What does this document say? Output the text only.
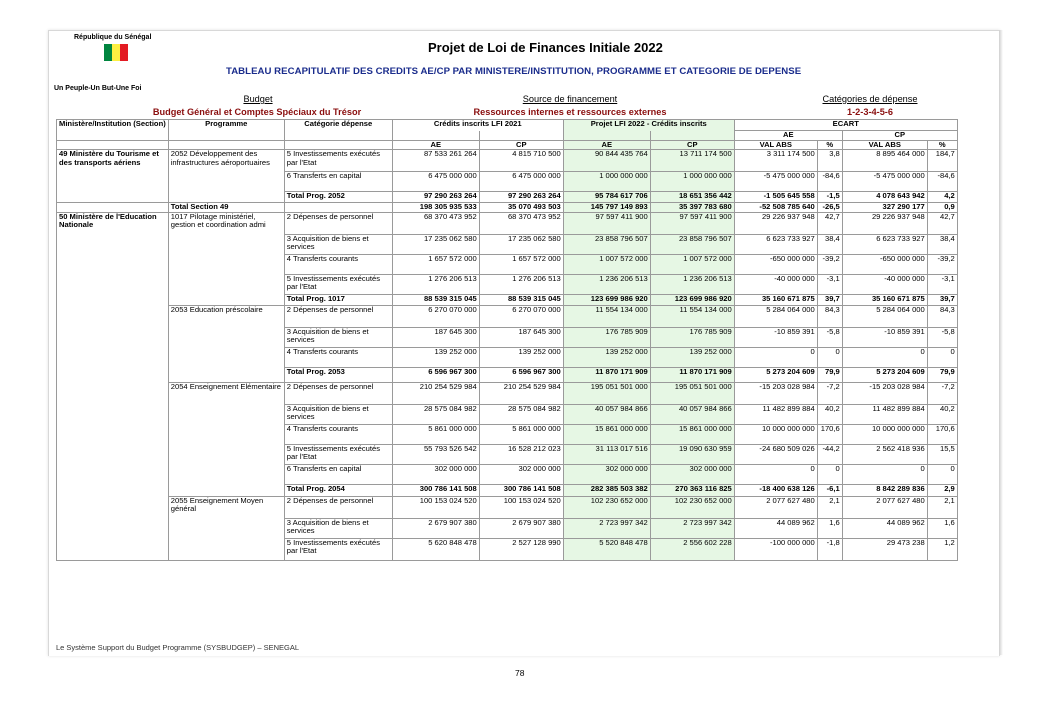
République du Sénégal
Un Peuple-Un But-Une Foi
Projet de Loi de Finances Initiale 2022
TABLEAU RECAPITULATIF DES CREDITS AE/CP PAR MINISTERE/INSTITUTION, PROGRAMME ET CATEGORIE DE DEPENSE
Budget
Budget Général et Comptes Spéciaux du Trésor
Source de financement
Ressources internes et ressources externes
Catégories de dépense
1-2-3-4-5-6
Ministère/Institution (Section)	Programme	Catégorie dépense	Crédits inscrits LFI 2021		Projet LFI 2022 - Crédits inscrits		ECART			
							AE		CP	
			AE	CP	AE	CP	VAL ABS	%	VAL ABS	%
49 Ministère du Tourisme et des transports aériens	2052 Développement des infrastructures aéroportuaires	5 Investissements exécutés par l'Etat	87 533 261 264	4 815 710 500	90 844 435 764	13 711 174 500	3 311 174 500	3,8	8 895 464 000	184,7
		6 Transferts en capital	6 475 000 000	6 475 000 000	1 000 000 000	1 000 000 000	-5 475 000 000	-84,6	-5 475 000 000	-84,6
		Total Prog. 2052	97 290 263 264	97 290 263 264	95 784 617 706	18 651 356 442	-1 505 645 558	-1,5	4 078 643 942	4,2
	Total Section 49		198 305 935 533	35 070 493 503	145 797 149 893	35 397 783 680	-52 508 785 640	-26,5	327 290 177	0,9
50 Ministère de l'Education Nationale	1017 Pilotage ministériel, gestion et coordination admi	2 Dépenses de personnel	68 370 473 952	68 370 473 952	97 597 411 900	97 597 411 900	29 226 937 948	42,7	29 226 937 948	42,7
		3 Acquisition de biens et services	17 235 062 580	17 235 062 580	23 858 796 507	23 858 796 507	6 623 733 927	38,4	6 623 733 927	38,4
		4 Transferts courants	1 657 572 000	1 657 572 000	1 007 572 000	1 007 572 000	-650 000 000	-39,2	-650 000 000	-39,2
		5 Investissements exécutés par l'Etat	1 276 206 513	1 276 206 513	1 236 206 513	1 236 206 513	-40 000 000	-3,1	-40 000 000	-3,1
		Total Prog. 1017	88 539 315 045	88 539 315 045	123 699 986 920	123 699 986 920	35 160 671 875	39,7	35 160 671 875	39,7
	2053 Education préscolaire	2 Dépenses de personnel	6 270 070 000	6 270 070 000	11 554 134 000	11 554 134 000	5 284 064 000	84,3	5 284 064 000	84,3
		3 Acquisition de biens et services	187 645 300	187 645 300	176 785 909	176 785 909	-10 859 391	-5,8	-10 859 391	-5,8
		4 Transferts courants	139 252 000	139 252 000	139 252 000	139 252 000	0	0	0	0
		Total Prog. 2053	6 596 967 300	6 596 967 300	11 870 171 909	11 870 171 909	5 273 204 609	79,9	5 273 204 609	79,9
	2054 Enseignement Elémentaire	2 Dépenses de personnel	210 254 529 984	210 254 529 984	195 051 501 000	195 051 501 000	-15 203 028 984	-7,2	-15 203 028 984	-7,2
		3 Acquisition de biens et services	28 575 084 982	28 575 084 982	40 057 984 866	40 057 984 866	11 482 899 884	40,2	11 482 899 884	40,2
		4 Transferts courants	5 861 000 000	5 861 000 000	15 861 000 000	15 861 000 000	10 000 000 000	170,6	10 000 000 000	170,6
		5 Investissements exécutés par l'Etat	55 793 526 542	16 528 212 023	31 113 017 516	19 090 630 959	-24 680 509 026	-44,2	2 562 418 936	15,5
		6 Transferts en capital	302 000 000	302 000 000	302 000 000	302 000 000	0	0	0	0
		Total Prog. 2054	300 786 141 508	300 786 141 508	282 385 503 382	270 363 116 825	-18 400 638 126	-6,1	8 842 289 836	2,9
	2055 Enseignement Moyen général	2 Dépenses de personnel	100 153 024 520	100 153 024 520	102 230 652 000	102 230 652 000	2 077 627 480	2,1	2 077 627 480	2,1
		3 Acquisition de biens et services	2 679 907 380	2 679 907 380	2 723 997 342	2 723 997 342	44 089 962	1,6	44 089 962	1,6
		5 Investissements exécutés par l'Etat	5 620 848 478	2 527 128 990	5 520 848 478	2 556 602 228	-100 000 000	-1,8	29 473 238	1,2
Le Système Support du Budget Programme (SYSBUDGEP) – SENEGAL
78
